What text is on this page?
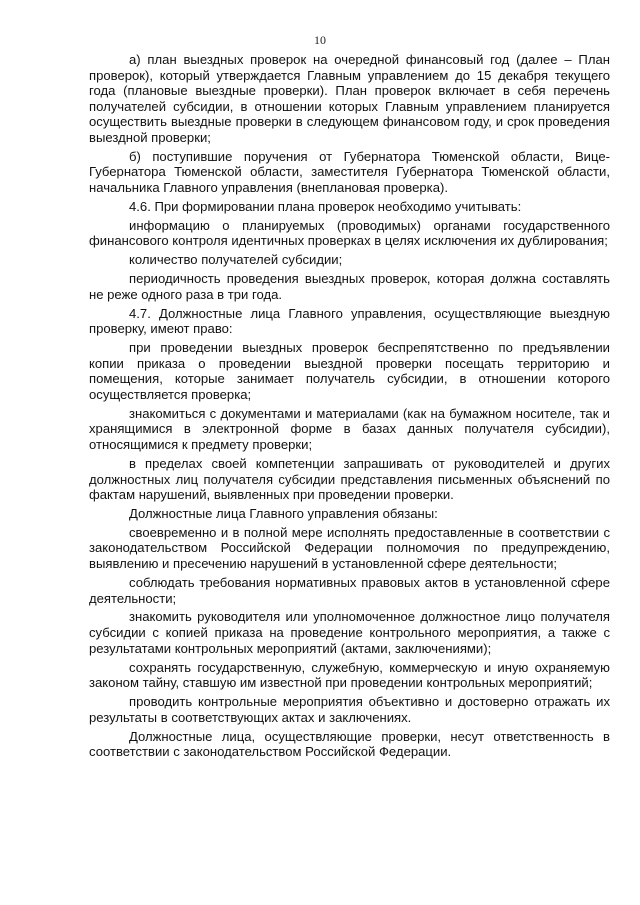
10

а) план выездных проверок на очередной финансовый год (далее – План проверок), который утверждается Главным управлением до 15 декабря текущего года (плановые выездные проверки). План проверок включает в себя перечень получателей субсидии, в отношении которых Главным управлением планируется осуществить выездные проверки в следующем финансовом году, и срок проведения выездной проверки;

б) поступившие поручения от Губернатора Тюменской области, Вице-Губернатора Тюменской области, заместителя Губернатора Тюменской области, начальника Главного управления (внеплановая проверка).

4.6. При формировании плана проверок необходимо учитывать:

информацию о планируемых (проводимых) органами государственного финансового контроля идентичных проверках в целях исключения их дублирования;

количество получателей субсидии;

периодичность проведения выездных проверок, которая должна составлять не реже одного раза в три года.

4.7. Должностные лица Главного управления, осуществляющие выездную проверку, имеют право:

при проведении выездных проверок беспрепятственно по предъявлении копии приказа о проведении выездной проверки посещать территорию и помещения, которые занимает получатель субсидии, в отношении которого осуществляется проверка;

знакомиться с документами и материалами (как на бумажном носителе, так и хранящимися в электронной форме в базах данных получателя субсидии), относящимися к предмету проверки;

в пределах своей компетенции запрашивать от руководителей и других должностных лиц получателя субсидии представления письменных объяснений по фактам нарушений, выявленных при проведении проверки.

Должностные лица Главного управления обязаны:

своевременно и в полной мере исполнять предоставленные в соответствии с законодательством Российской Федерации полномочия по предупреждению, выявлению и пресечению нарушений в установленной сфере деятельности;

соблюдать требования нормативных правовых актов в установленной сфере деятельности;

знакомить руководителя или уполномоченное должностное лицо получателя субсидии с копией приказа на проведение контрольного мероприятия, а также с результатами контрольных мероприятий (актами, заключениями);

сохранять государственную, служебную, коммерческую и иную охраняемую законом тайну, ставшую им известной при проведении контрольных мероприятий;

проводить контрольные мероприятия объективно и достоверно отражать их результаты в соответствующих актах и заключениях.

Должностные лица, осуществляющие проверки, несут ответственность в соответствии с законодательством Российской Федерации.
